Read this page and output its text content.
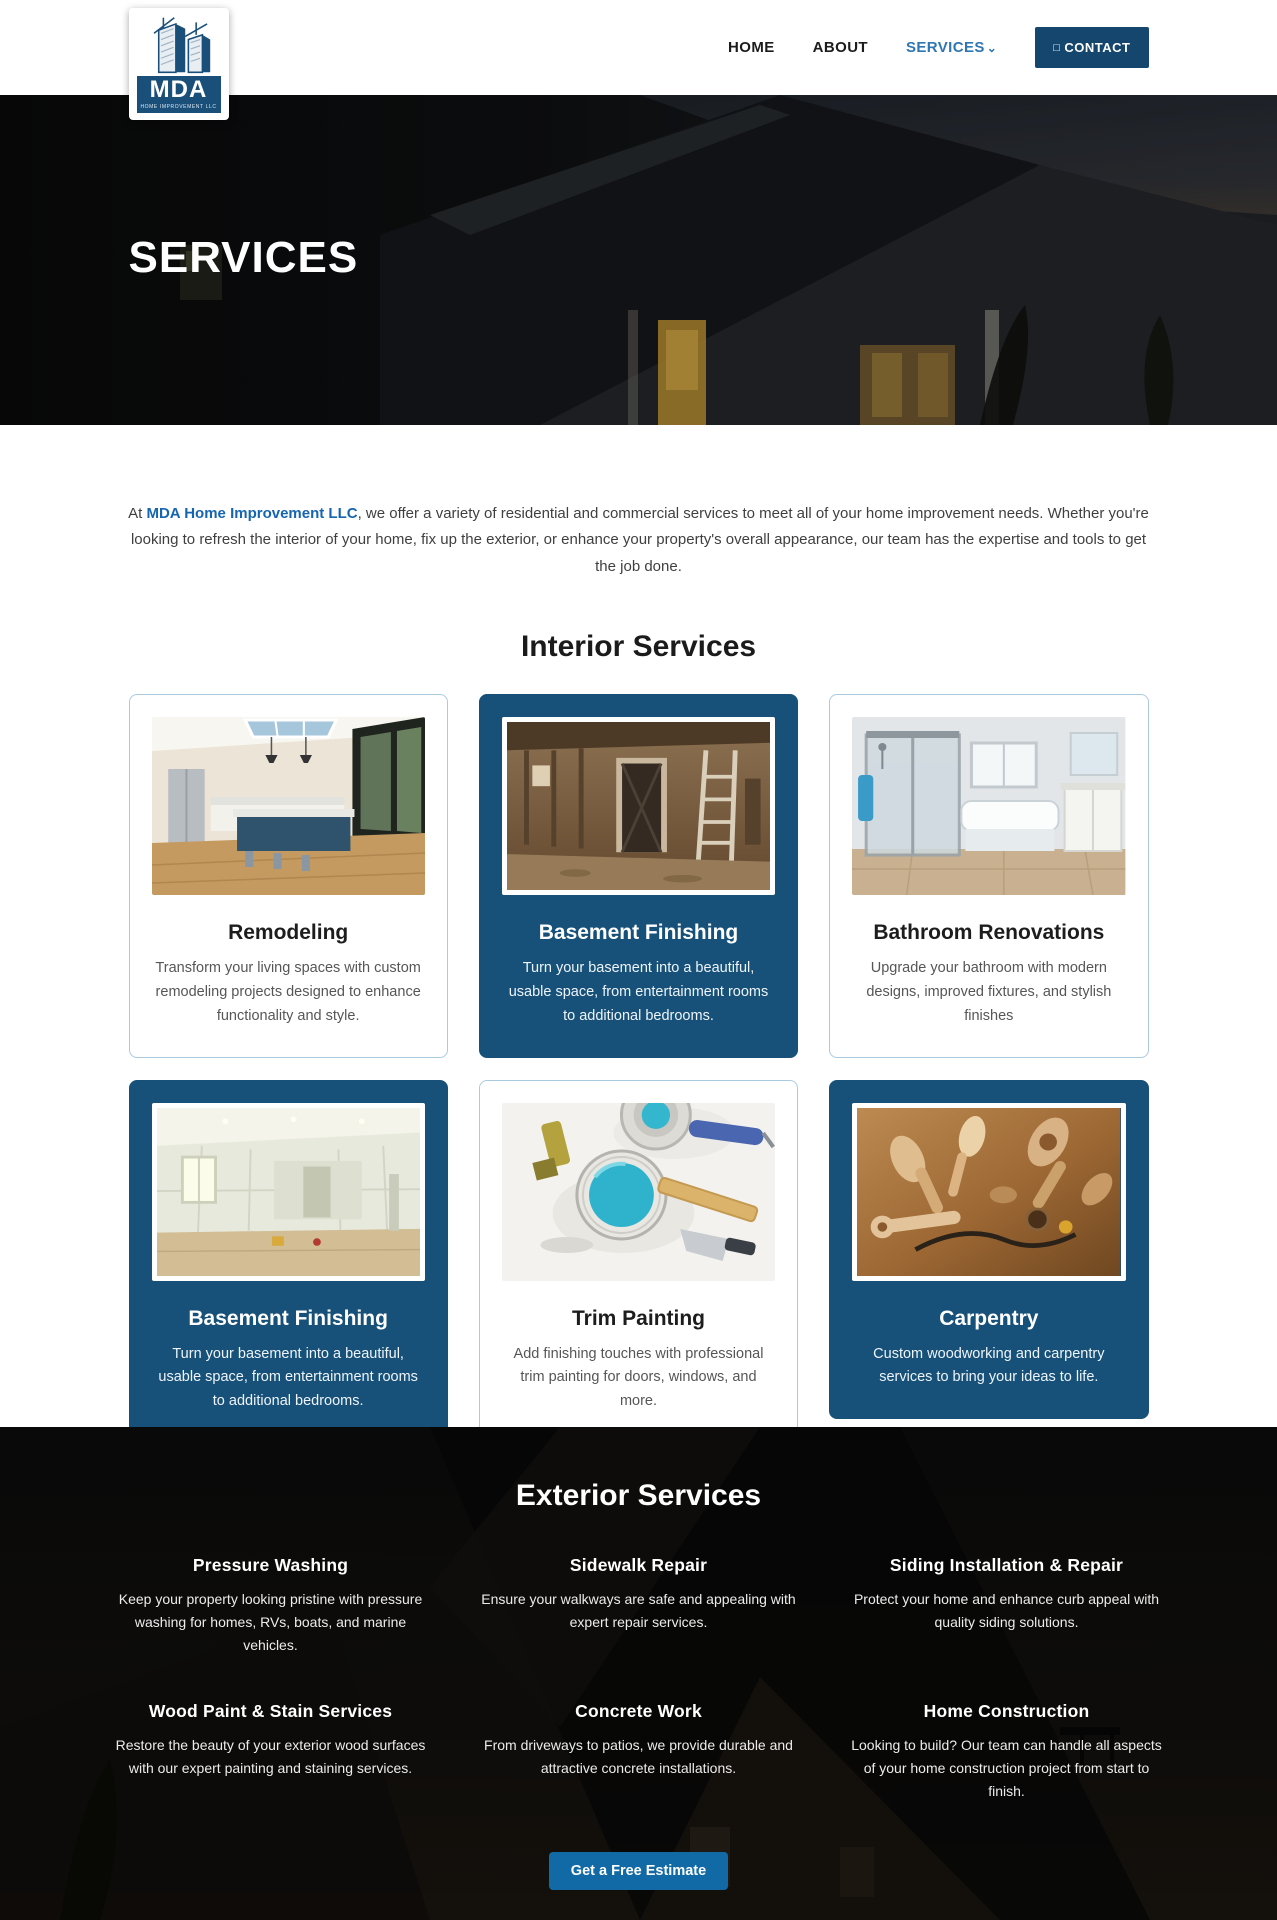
MDA
HOME IMPROVEMENT LLC
HOME	ABOUT	SERVICES ⌄	□ CONTACT
SERVICES

At MDA Home Improvement LLC, we offer a variety of residential and commercial services to meet all of your home improvement needs. Whether you're looking to refresh the interior of your home, fix up the exterior, or enhance your property's overall appearance, our team has the expertise and tools to get the job done.

Interior Services
Remodeling

Transform your living spaces with custom remodeling projects designed to enhance functionality and style.

Basement Finishing

Turn your basement into a beautiful, usable space, from entertainment rooms to additional bedrooms.

Bathroom Renovations

Upgrade your bathroom with modern designs, improved fixtures, and stylish finishes

Basement Finishing

Turn your basement into a beautiful, usable space, from entertainment rooms to additional bedrooms.

Trim Painting

Add finishing touches with professional trim painting for doors, windows, and more.

Carpentry

Custom woodworking and carpentry services to bring your ideas to life.

Exterior Services
Pressure Washing

Keep your property looking pristine with pressure washing for homes, RVs, boats, and marine vehicles.

Sidewalk Repair

Ensure your walkways are safe and appealing with expert repair services.

Siding Installation & Repair

Protect your home and enhance curb appeal with quality siding solutions.

Wood Paint & Stain Services

Restore the beauty of your exterior wood surfaces with our expert painting and staining services.

Concrete Work

From driveways to patios, we provide durable and attractive concrete installations.

Home Construction

Looking to build? Our team can handle all aspects of your home construction project from start to finish.

Get a Free Estimate
